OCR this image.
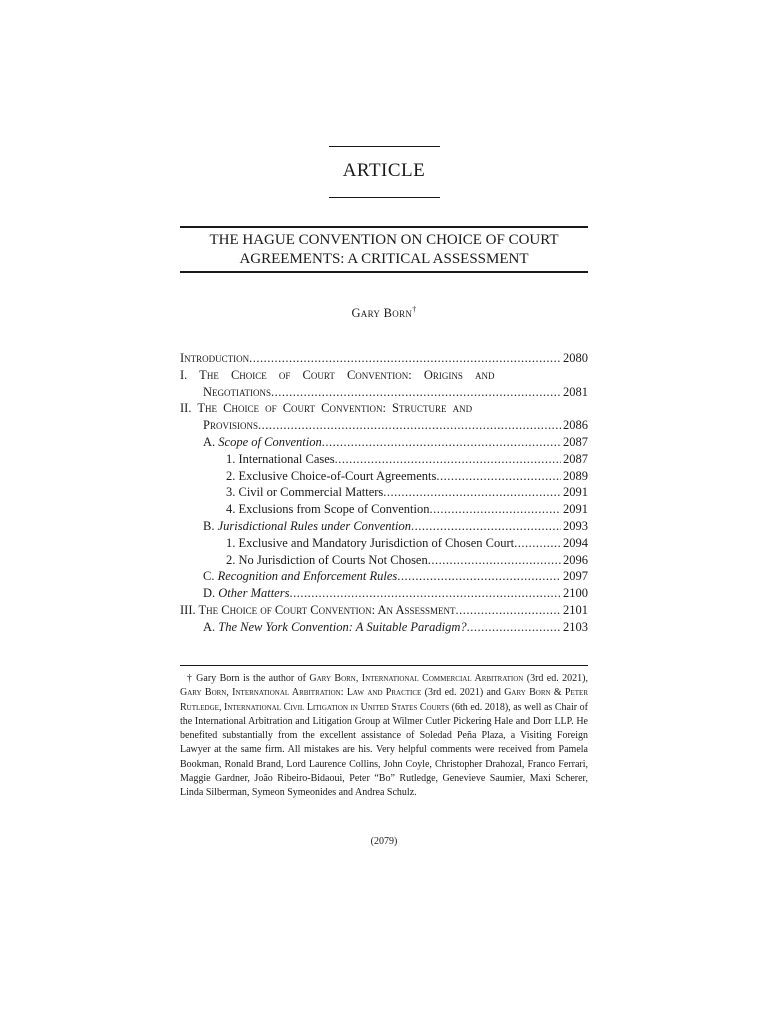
ARTICLE
THE HAGUE CONVENTION ON CHOICE OF COURT
AGREEMENTS: A CRITICAL ASSESSMENT
Gary Born†
Introduction .....	2080
I. The Choice of Court Convention: Origins and
Negotiations .....	2081
II. The Choice of Court Convention: Structure and
Provisions .....	2086
A. Scope of Convention .....	2087
1. International Cases .....	2087
2. Exclusive Choice-of-Court Agreements .....	2089
3. Civil or Commercial Matters .....	2091
4. Exclusions from Scope of Convention .....	2091
B. Jurisdictional Rules under Convention .....	2093
1. Exclusive and Mandatory Jurisdiction of Chosen Court .....	2094
2. No Jurisdiction of Courts Not Chosen .....	2096
C. Recognition and Enforcement Rules .....	2097
D. Other Matters .....	2100
III. The Choice of Court Convention: An Assessment .....	2101
A. The New York Convention: A Suitable Paradigm? .....	2103
† Gary Born is the author of Gary Born, International Commercial Arbitration (3rd ed. 2021), Gary Born, International Arbitration: Law and Practice (3rd ed. 2021) and Gary Born & Peter Rutledge, International Civil Litigation in United States Courts (6th ed. 2018), as well as Chair of the International Arbitration and Litigation Group at Wilmer Cutler Pickering Hale and Dorr LLP. He benefited substantially from the excellent assistance of Soledad Peña Plaza, a Visiting Foreign Lawyer at the same firm. All mistakes are his. Very helpful comments were received from Pamela Bookman, Ronald Brand, Lord Laurence Collins, John Coyle, Christopher Drahozal, Franco Ferrari, Maggie Gardner, João Ribeiro-Bidaoui, Peter “Bo” Rutledge, Genevieve Saumier, Maxi Scherer, Linda Silberman, Symeon Symeonides and Andrea Schulz.
(2079)
